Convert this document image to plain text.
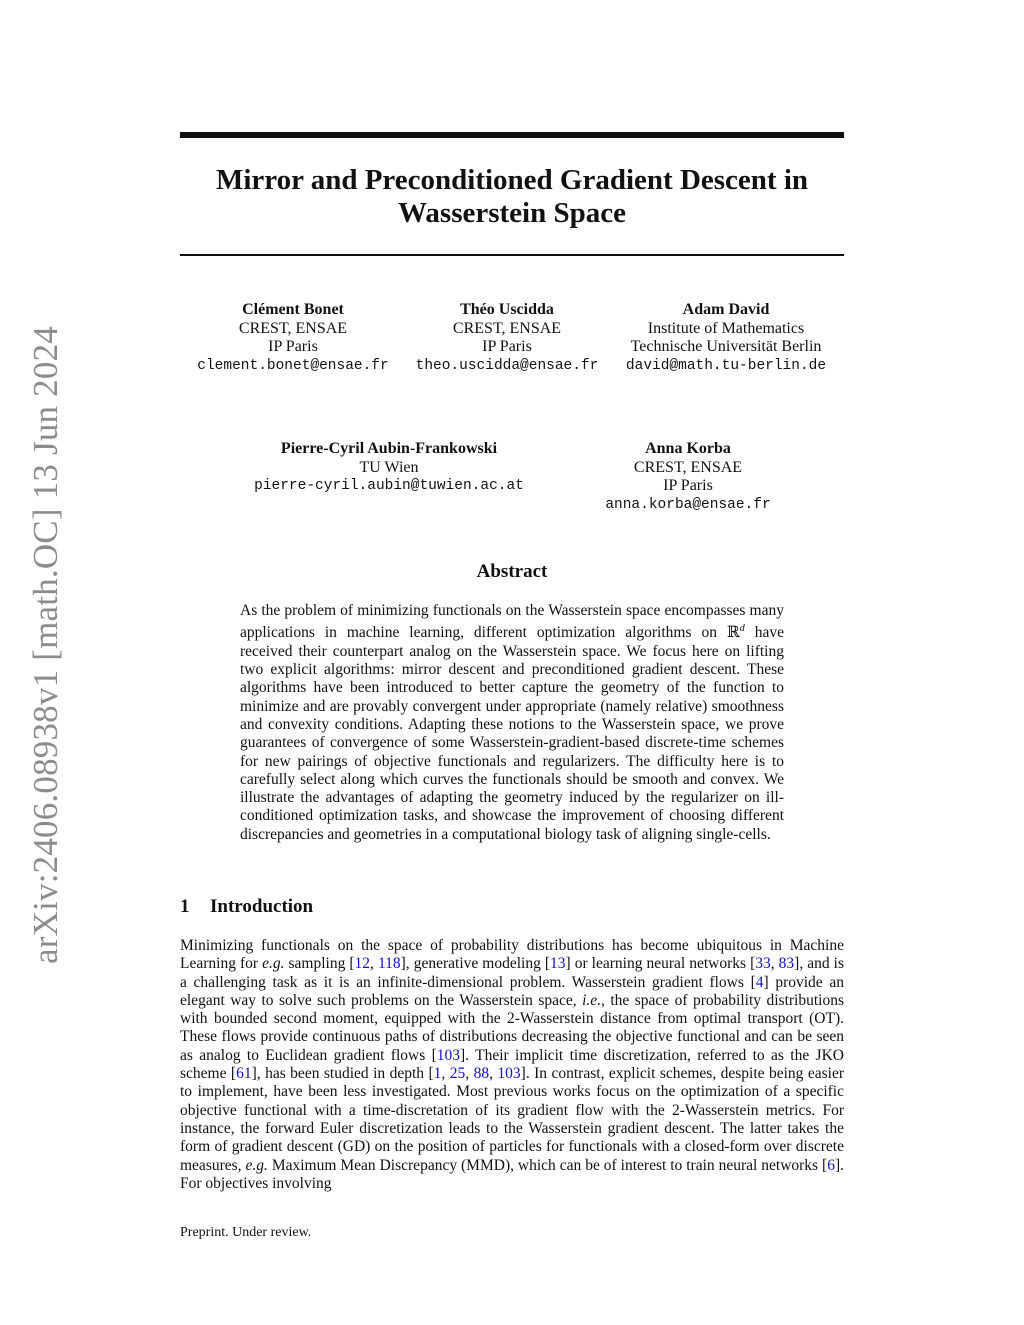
arXiv:2406.08938v1 [math.OC] 13 Jun 2024
Mirror and Preconditioned Gradient Descent in Wasserstein Space
Clément Bonet
CREST, ENSAE
IP Paris
clement.bonet@ensae.fr
Théo Uscidda
CREST, ENSAE
IP Paris
theo.uscidda@ensae.fr
Adam David
Institute of Mathematics
Technische Universität Berlin
david@math.tu-berlin.de
Pierre-Cyril Aubin-Frankowski
TU Wien
pierre-cyril.aubin@tuwien.ac.at
Anna Korba
CREST, ENSAE
IP Paris
anna.korba@ensae.fr
Abstract
As the problem of minimizing functionals on the Wasserstein space encompasses many applications in machine learning, different optimization algorithms on ℝ$^d$ have received their counterpart analog on the Wasserstein space. We focus here on lifting two explicit algorithms: mirror descent and preconditioned gradient descent. These algorithms have been introduced to better capture the geometry of the function to minimize and are provably convergent under appropriate (namely relative) smoothness and convexity conditions. Adapting these notions to the Wasserstein space, we prove guarantees of convergence of some Wasserstein-gradient-based discrete-time schemes for new pairings of objective functionals and regularizers. The difficulty here is to carefully select along which curves the functionals should be smooth and convex. We illustrate the advantages of adapting the geometry induced by the regularizer on ill-conditioned optimization tasks, and showcase the improvement of choosing different discrepancies and geometries in a computational biology task of aligning single-cells.
1 Introduction
Minimizing functionals on the space of probability distributions has become ubiquitous in Machine Learning for e.g. sampling [12, 118], generative modeling [13] or learning neural networks [33, 83], and is a challenging task as it is an infinite-dimensional problem. Wasserstein gradient flows [4] provide an elegant way to solve such problems on the Wasserstein space, i.e., the space of probability distributions with bounded second moment, equipped with the 2-Wasserstein distance from optimal transport (OT). These flows provide continuous paths of distributions decreasing the objective functional and can be seen as analog to Euclidean gradient flows [103]. Their implicit time discretization, referred to as the JKO scheme [61], has been studied in depth [1, 25, 88, 103]. In contrast, explicit schemes, despite being easier to implement, have been less investigated. Most previous works focus on the optimization of a specific objective functional with a time-discretation of its gradient flow with the 2-Wasserstein metrics. For instance, the forward Euler discretization leads to the Wasserstein gradient descent. The latter takes the form of gradient descent (GD) on the position of particles for functionals with a closed-form over discrete measures, e.g. Maximum Mean Discrepancy (MMD), which can be of interest to train neural networks [6]. For objectives involving
Preprint. Under review.
